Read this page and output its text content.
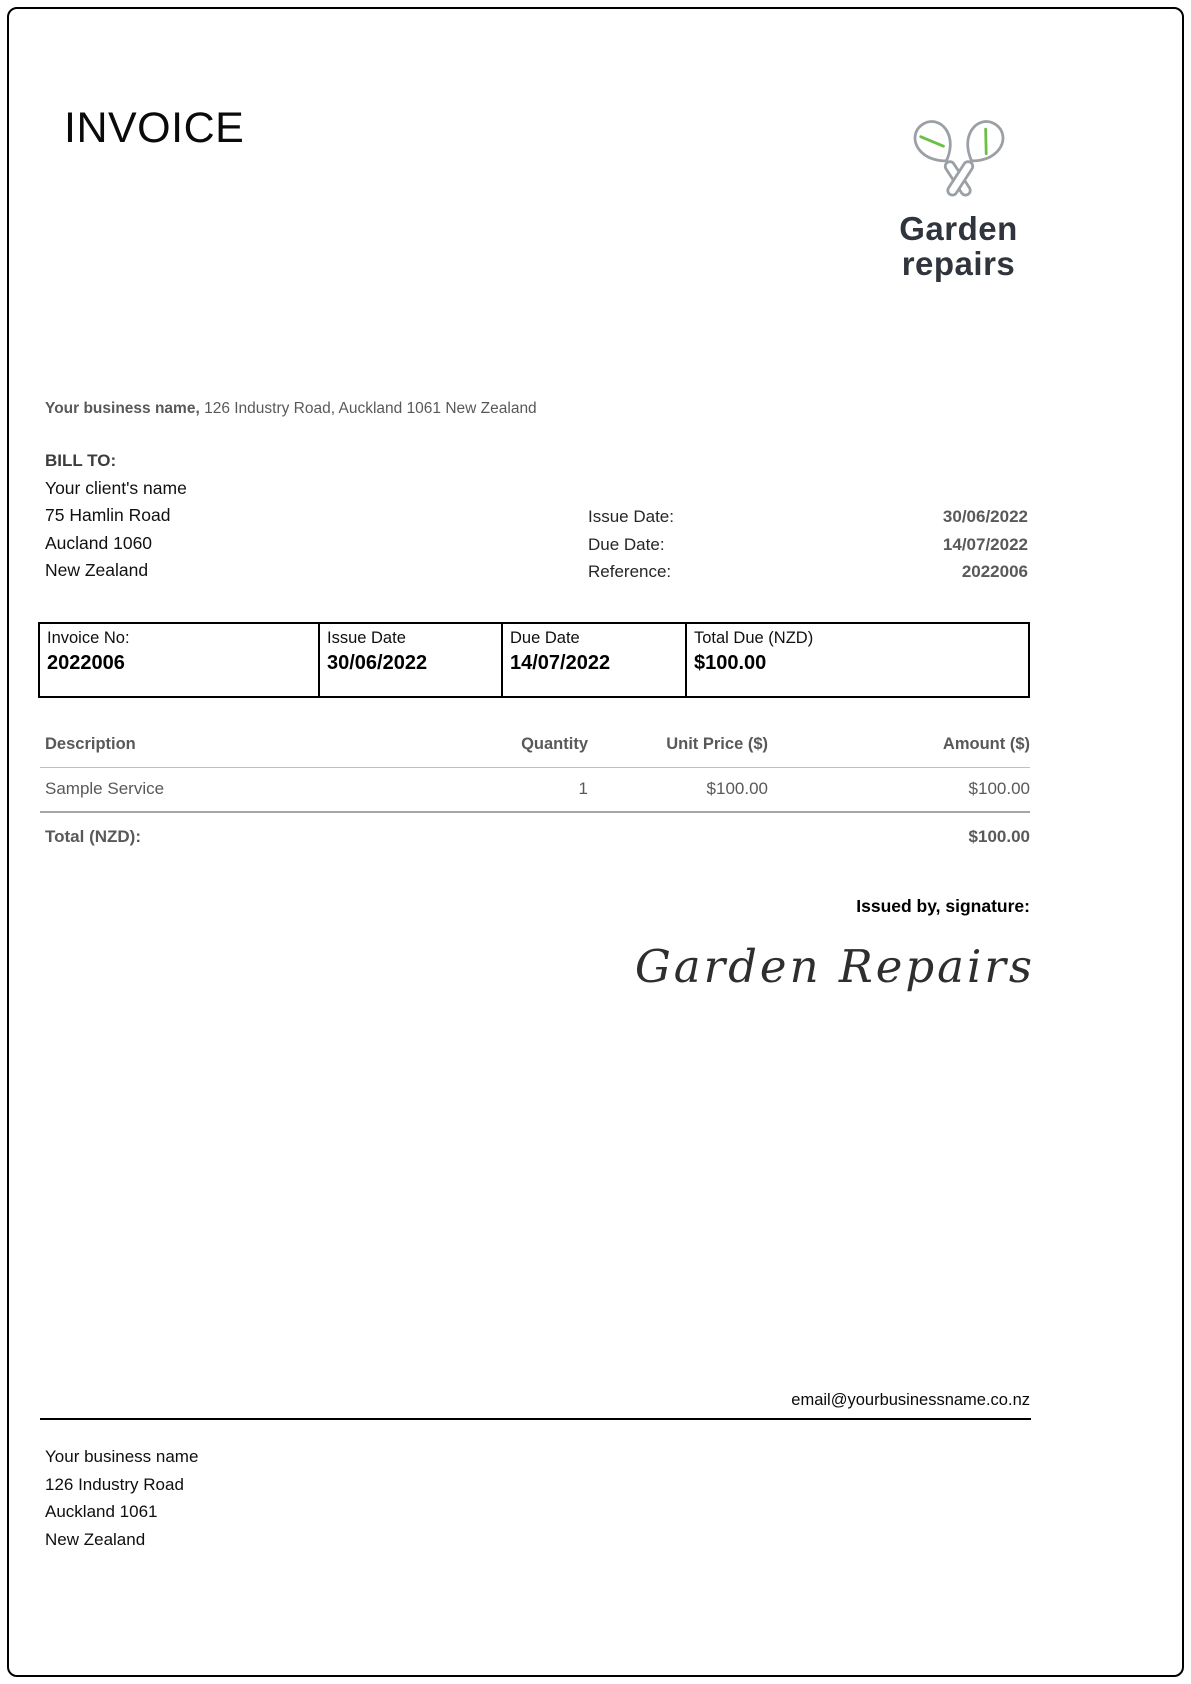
INVOICE
Garden
repairs
Your business name, 126 Industry Road, Auckland 1061 New Zealand
BILL TO:
Your client's name
75 Hamlin Road
Aucland 1060
New Zealand
Issue Date:	30/06/2022
Due Date:	14/07/2022
Reference:	2022006
Invoice No:
2022006
Issue Date
30/06/2022
Due Date
14/07/2022
Total Due (NZD)
$100.00
Description	Quantity	Unit Price ($)	Amount ($)
Sample Service	1	$100.00	$100.00
Total (NZD):	$100.00
Issued by, signature:
Garden Repairs
email@yourbusinessname.co.nz
Your business name
126 Industry Road
Auckland 1061
New Zealand
